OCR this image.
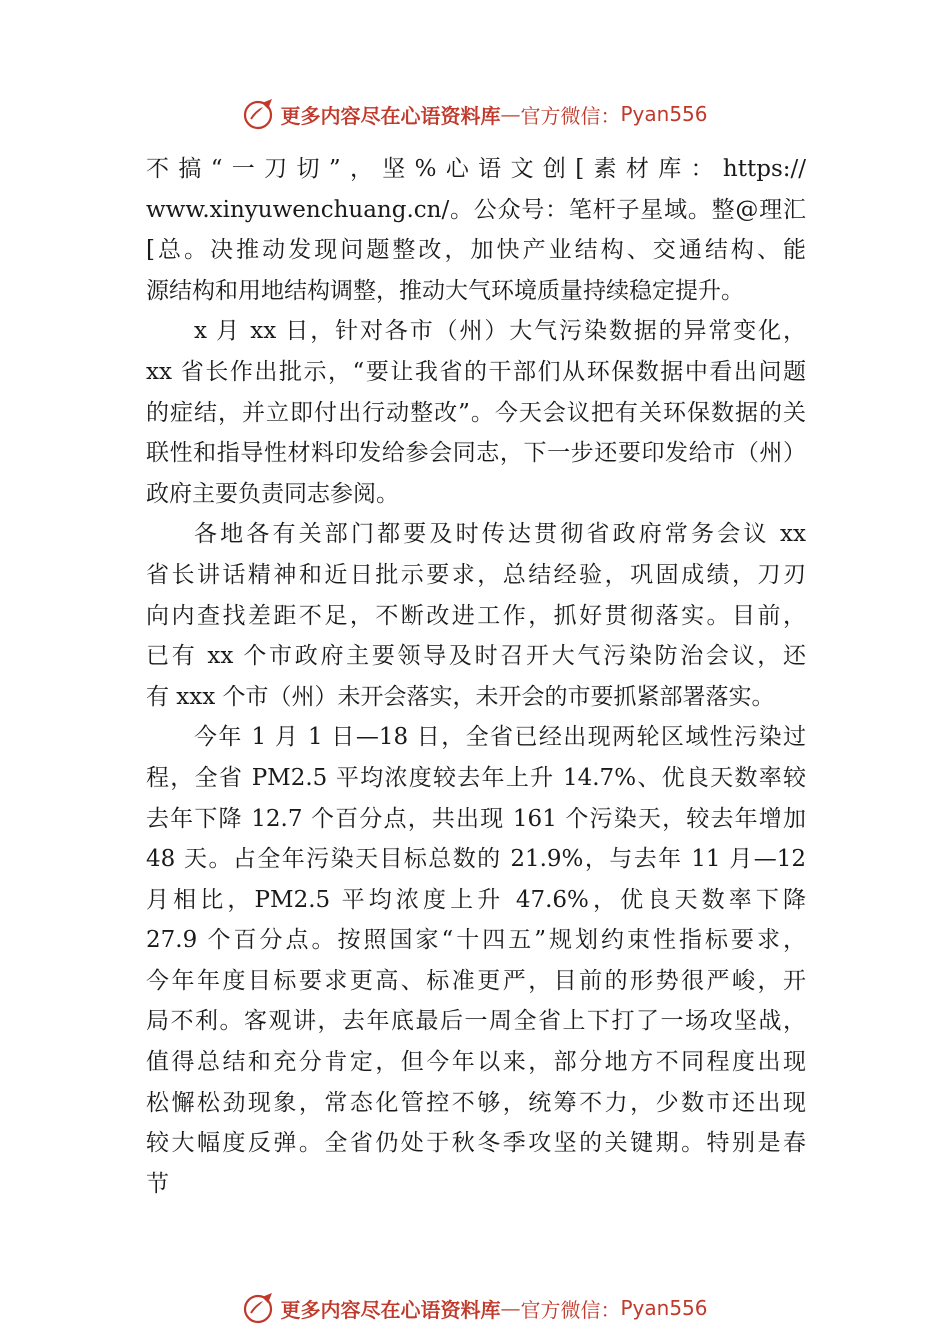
更多内容尽在心语资料库 — 官方微信： Pyan556

不搞“一刀切”，坚%心语文创[素材库：https://
www.xinyuwenchuang.cn/。公众号：笔杆子星域。整@理汇
[总。决推动发现问题整改，加快产业结构、交通结构、能
源结构和用地结构调整，推动大气环境质量持续稳定提升。

x 月 xx 日，针对各市（州）大气污染数据的异常变化，
xx 省长作出批示，“要让我省的干部们从环保数据中看出问题
的症结，并立即付出行动整改”。今天会议把有关环保数据的关
联性和指导性材料印发给参会同志，下一步还要印发给市（州）
政府主要负责同志参阅。

各地各有关部门都要及时传达贯彻省政府常务会议 xx
省长讲话精神和近日批示要求，总结经验，巩固成绩，刀刃
向内查找差距不足，不断改进工作，抓好贯彻落实。目前，
已有 xx 个市政府主要领导及时召开大气污染防治会议，还
有 xxx 个市（州）未开会落实，未开会的市要抓紧部署落实。

今年 1 月 1 日—18 日，全省已经出现两轮区域性污染过
程，全省 PM2.5 平均浓度较去年上升 14.7%、优良天数率较
去年下降 12.7 个百分点，共出现 161 个污染天，较去年增加
48 天。占全年污染天目标总数的 21.9%，与去年 11 月—12
月相比，PM2.5 平均浓度上升 47.6%，优良天数率下降
27.9 个百分点。按照国家“十四五”规划约束性指标要求，
今年年度目标要求更高、标准更严，目前的形势很严峻，开
局不利。客观讲，去年底最后一周全省上下打了一场攻坚战，
值得总结和充分肯定，但今年以来，部分地方不同程度出现
松懈松劲现象，常态化管控不够，统筹不力，少数市还出现
较大幅度反弹。全省仍处于秋冬季攻坚的关键期。特别是春
节

更多内容尽在心语资料库 — 官方微信： Pyan556
